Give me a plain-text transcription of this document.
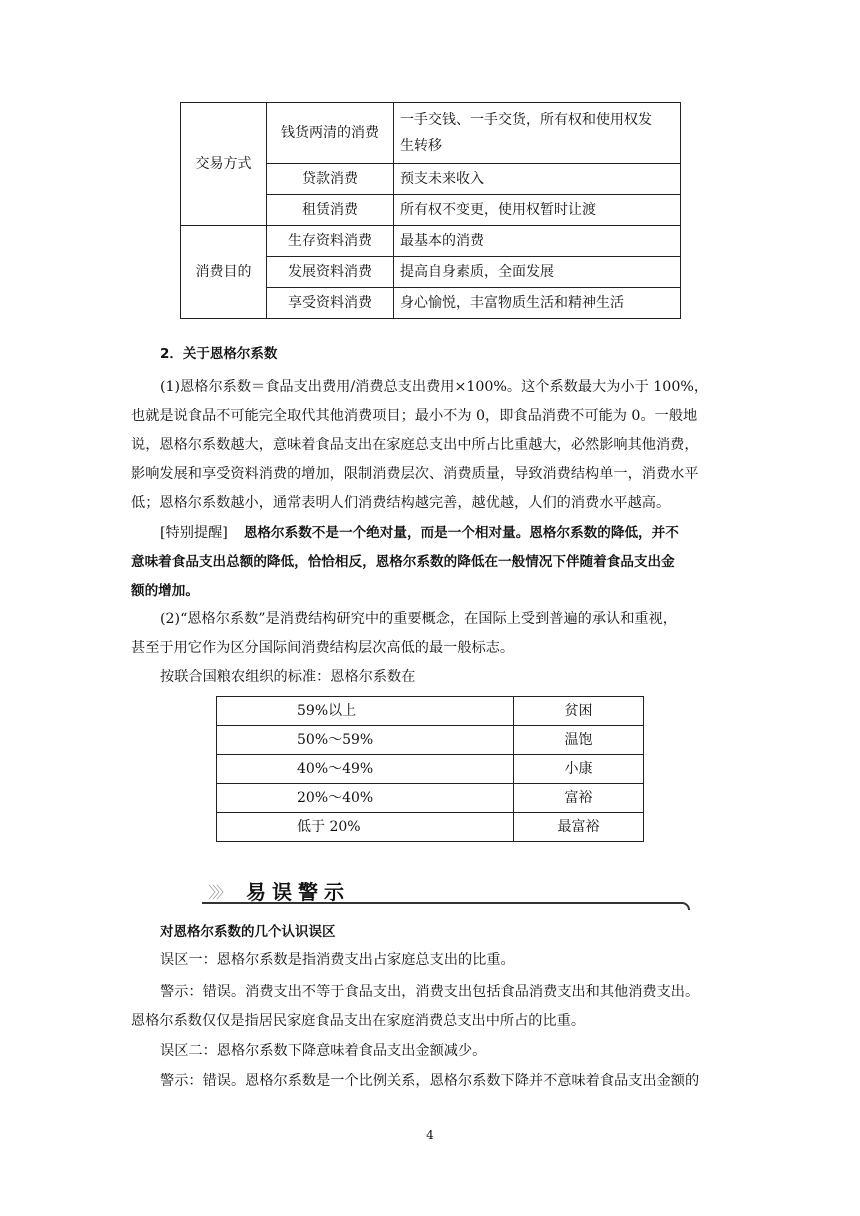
交易方式	钱货两清的消费	一手交钱、一手交货，所有权和使用权发
生转移

	贷款消费	预支未来收入
	租赁消费	所有权不变更，使用权暂时让渡
消费目的	生存资料消费	最基本的消费
	发展资料消费	提高自身素质，全面发展
	享受资料消费	身心愉悦，丰富物质生活和精神生活
2．关于恩格尔系数
(1)恩格尔系数＝食品支出费用/消费总支出费用×100%。这个系数最大为小于 100%，
也就是说食品不可能完全取代其他消费项目；最小不为 0，即食品消费不可能为 0。一般地
说，恩格尔系数越大，意味着食品支出在家庭总支出中所占比重越大，必然影响其他消费，
影响发展和享受资料消费的增加，限制消费层次、消费质量，导致消费结构单一，消费水平
低；恩格尔系数越小，通常表明人们消费结构越完善，越优越，人们的消费水平越高。
[特别提醒] 恩格尔系数不是一个绝对量，而是一个相对量。恩格尔系数的降低，并不
意味着食品支出总额的降低，恰恰相反，恩格尔系数的降低在一般情况下伴随着食品支出金
额的增加。
(2)“恩格尔系数”是消费结构研究中的重要概念，在国际上受到普遍的承认和重视，
甚至于用它作为区分国际间消费结构层次高低的最一般标志。
按联合国粮农组织的标准：恩格尔系数在
59%以上	贫困
50%～59%	温饱
40%～49%	小康
20%～40%	富裕
低于 20%	最富裕
〉〉〉 易误警示
对恩格尔系数的几个认识误区
误区一：恩格尔系数是指消费支出占家庭总支出的比重。
警示：错误。消费支出不等于食品支出，消费支出包括食品消费支出和其他消费支出。
恩格尔系数仅仅是指居民家庭食品支出在家庭消费总支出中所占的比重。
误区二：恩格尔系数下降意味着食品支出金额减少。
警示：错误。恩格尔系数是一个比例关系，恩格尔系数下降并不意味着食品支出金额的
4
